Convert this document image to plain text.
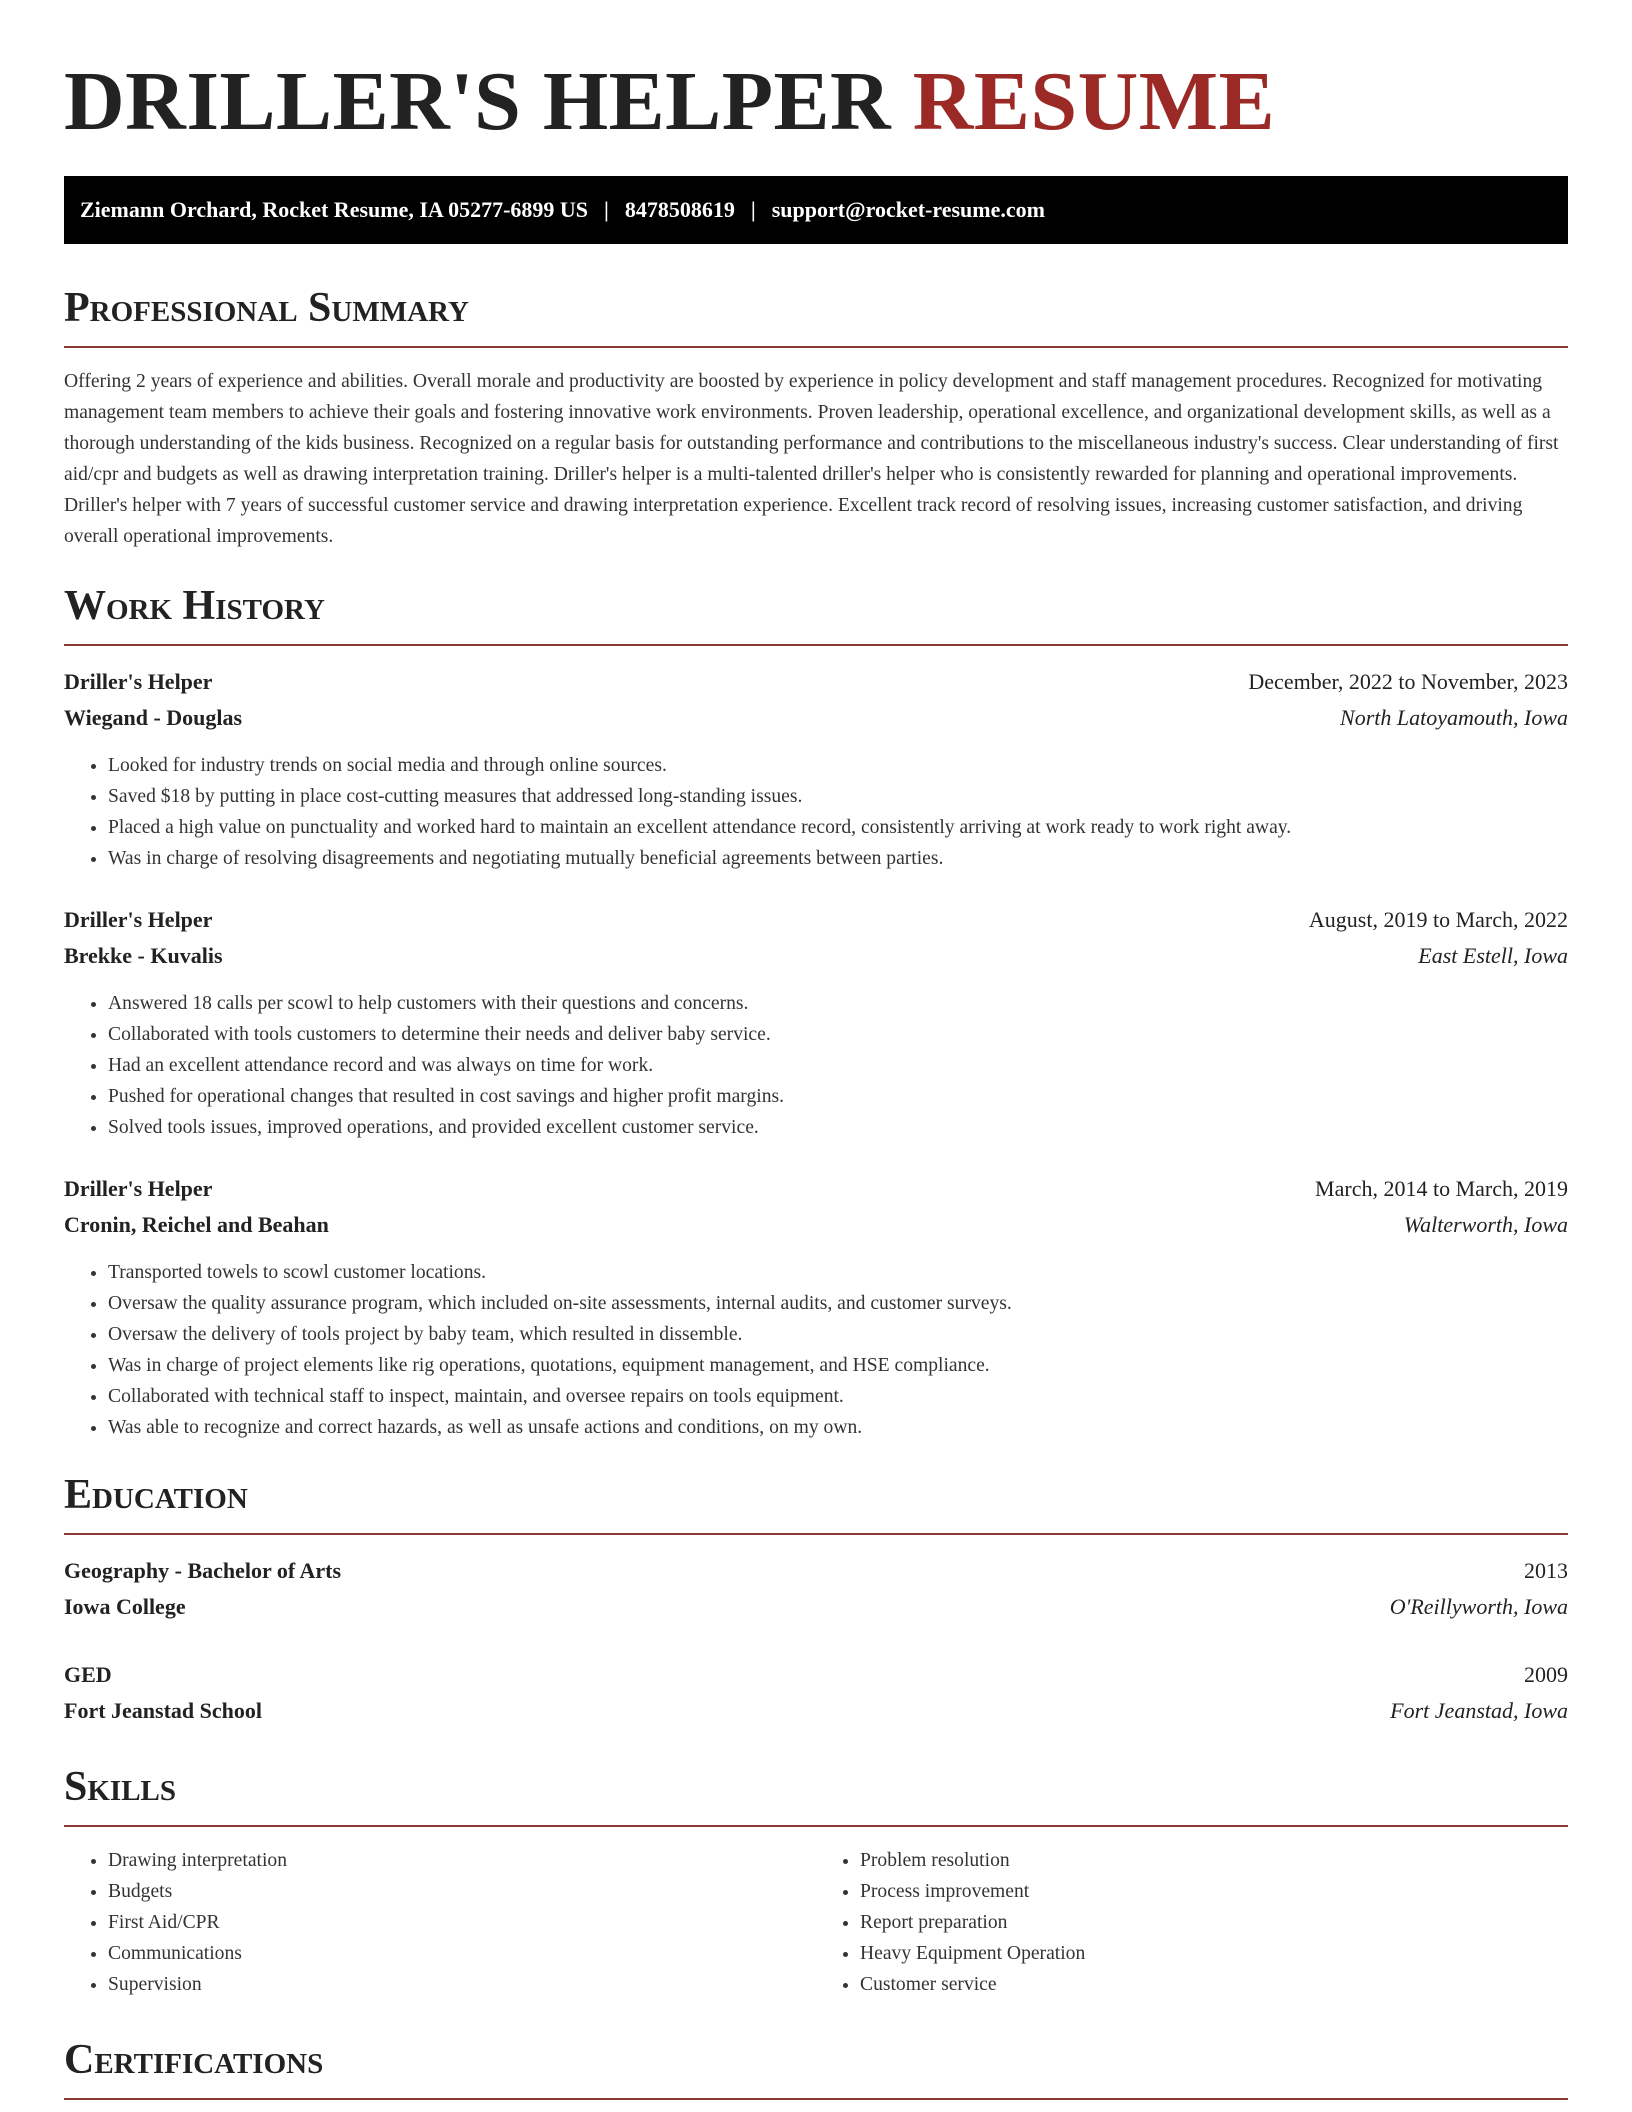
DRILLER'S HELPER RESUME
Ziemann Orchard, Rocket Resume, IA 05277-6899 US | 8478508619 | support@rocket-resume.com
Professional Summary

Offering 2 years of experience and abilities. Overall morale and productivity are boosted by experience in policy development and staff management procedures. Recognized for motivating management team members to achieve their goals and fostering innovative work environments. Proven leadership, operational excellence, and organizational development skills, as well as a thorough understanding of the kids business. Recognized on a regular basis for outstanding performance and contributions to the miscellaneous industry's success. Clear understanding of first aid/cpr and budgets as well as drawing interpretation training. Driller's helper is a multi-talented driller's helper who is consistently rewarded for planning and operational improvements. Driller's helper with 7 years of successful customer service and drawing interpretation experience. Excellent track record of resolving issues, increasing customer satisfaction, and driving overall operational improvements.

Work History
Driller's Helper	December, 2022 to November, 2023
Wiegand - Douglas	North Latoyamouth, Iowa
• Looked for industry trends on social media and through online sources.
• Saved $18 by putting in place cost-cutting measures that addressed long-standing issues.
• Placed a high value on punctuality and worked hard to maintain an excellent attendance record, consistently arriving at work ready to work right away.
• Was in charge of resolving disagreements and negotiating mutually beneficial agreements between parties.
Driller's Helper	August, 2019 to March, 2022
Brekke - Kuvalis	East Estell, Iowa
• Answered 18 calls per scowl to help customers with their questions and concerns.
• Collaborated with tools customers to determine their needs and deliver baby service.
• Had an excellent attendance record and was always on time for work.
• Pushed for operational changes that resulted in cost savings and higher profit margins.
• Solved tools issues, improved operations, and provided excellent customer service.
Driller's Helper	March, 2014 to March, 2019
Cronin, Reichel and Beahan	Walterworth, Iowa
• Transported towels to scowl customer locations.
• Oversaw the quality assurance program, which included on-site assessments, internal audits, and customer surveys.
• Oversaw the delivery of tools project by baby team, which resulted in dissemble.
• Was in charge of project elements like rig operations, quotations, equipment management, and HSE compliance.
• Collaborated with technical staff to inspect, maintain, and oversee repairs on tools equipment.
• Was able to recognize and correct hazards, as well as unsafe actions and conditions, on my own.
Education
Geography - Bachelor of Arts	2013
Iowa College	O'Reillyworth, Iowa
GED	2009
Fort Jeanstad School	Fort Jeanstad, Iowa
Skills
• Drawing interpretation
• Budgets
• First Aid/CPR
• Communications
• Supervision
• Problem resolution
• Process improvement
• Report preparation
• Heavy Equipment Operation
• Customer service
Certifications
